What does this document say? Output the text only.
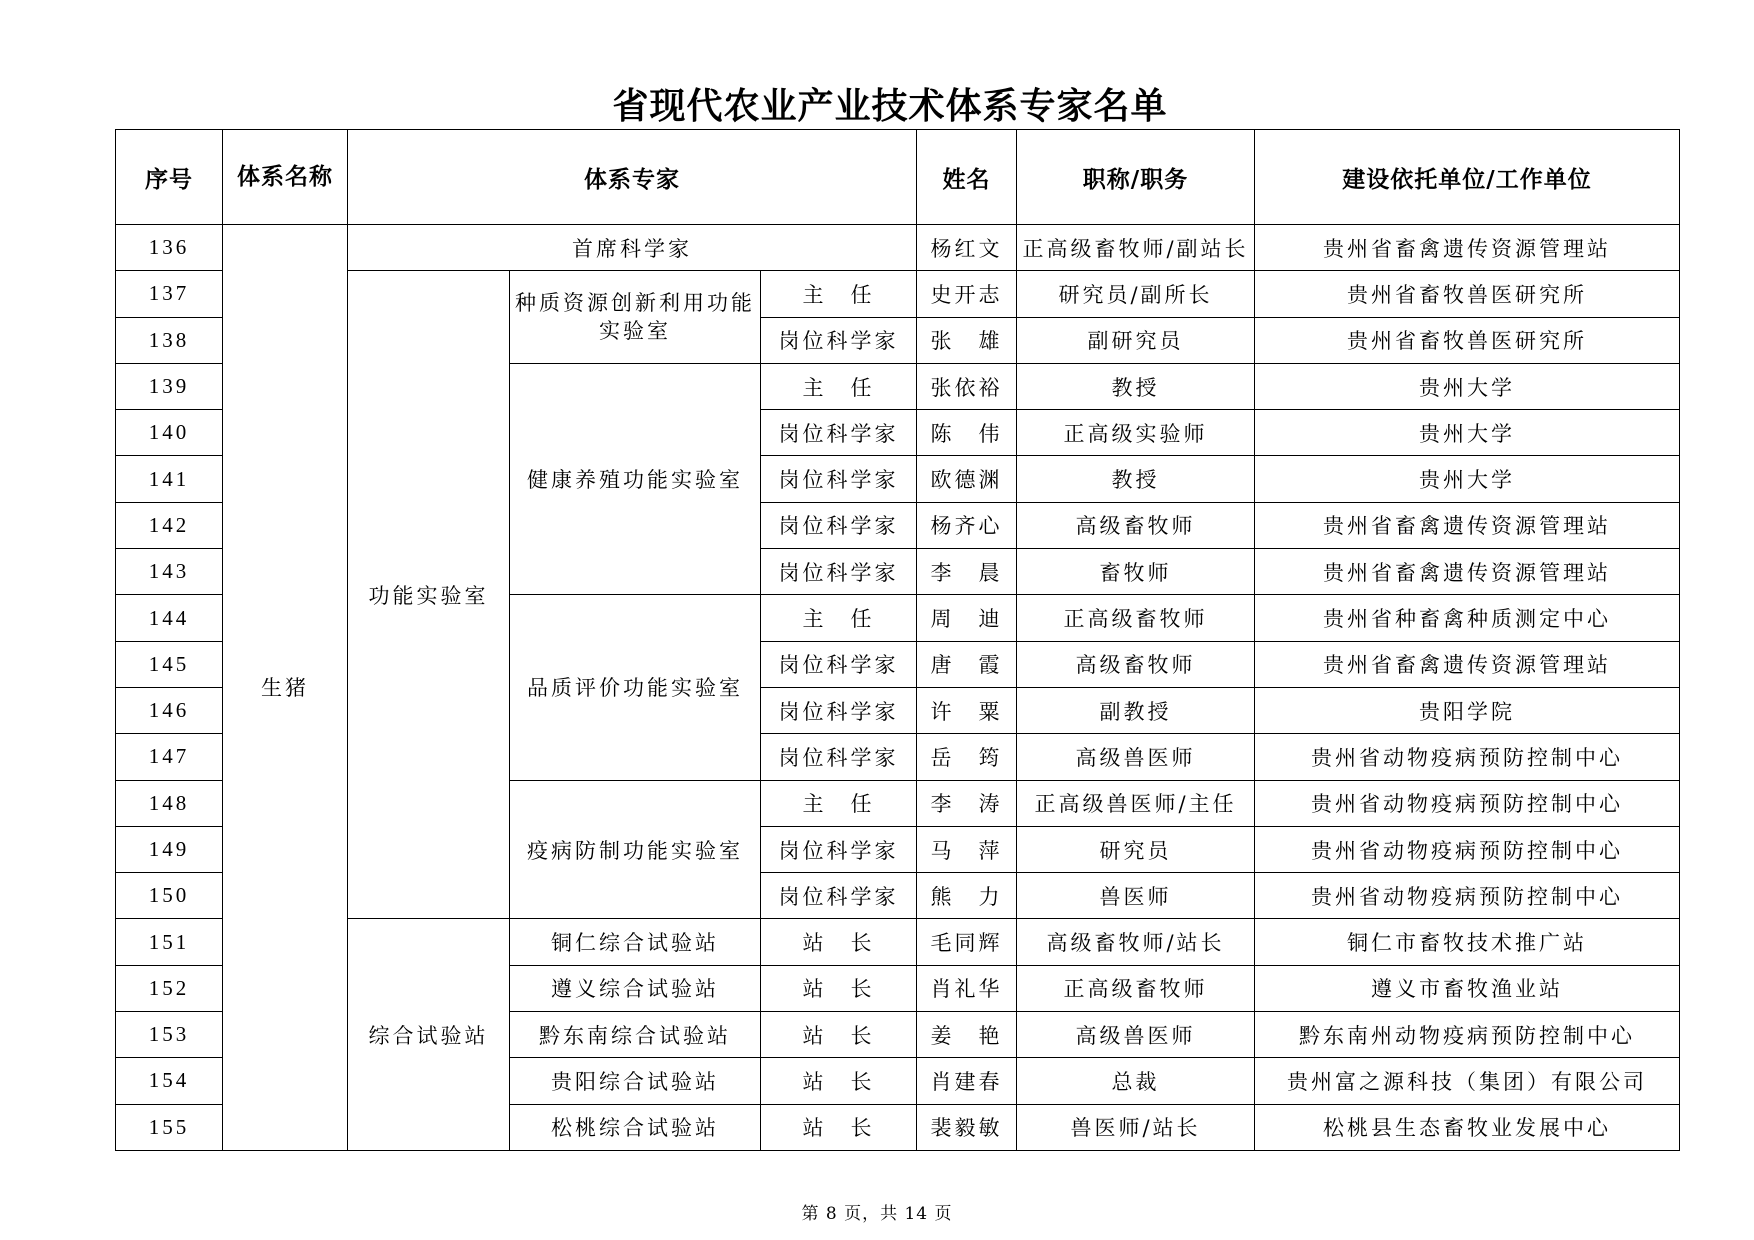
省现代农业产业技术体系专家名单
序号	体系名称	体系专家			姓名	职称/职务	建设依托单位/工作单位
136	生猪	首席科学家			杨红文	正高级畜牧师/副站长	贵州省畜禽遗传资源管理站
137		功能实验室	种质资源创新利用功能实验室	主　任	史开志	研究员/副所长	贵州省畜牧兽医研究所
138				岗位科学家	张　雄	副研究员	贵州省畜牧兽医研究所
139			健康养殖功能实验室	主　任	张依裕	教授	贵州大学
140				岗位科学家	陈　伟	正高级实验师	贵州大学
141				岗位科学家	欧德渊	教授	贵州大学
142				岗位科学家	杨齐心	高级畜牧师	贵州省畜禽遗传资源管理站
143				岗位科学家	李　晨	畜牧师	贵州省畜禽遗传资源管理站
144			品质评价功能实验室	主　任	周　迪	正高级畜牧师	贵州省种畜禽种质测定中心
145				岗位科学家	唐　霞	高级畜牧师	贵州省畜禽遗传资源管理站
146				岗位科学家	许　粟	副教授	贵阳学院
147				岗位科学家	岳　筠	高级兽医师	贵州省动物疫病预防控制中心
148			疫病防制功能实验室	主　任	李　涛	正高级兽医师/主任	贵州省动物疫病预防控制中心
149				岗位科学家	马　萍	研究员	贵州省动物疫病预防控制中心
150				岗位科学家	熊　力	兽医师	贵州省动物疫病预防控制中心
151		综合试验站	铜仁综合试验站	站　长	毛同辉	高级畜牧师/站长	铜仁市畜牧技术推广站
152			遵义综合试验站	站　长	肖礼华	正高级畜牧师	遵义市畜牧渔业站
153			黔东南综合试验站	站　长	姜　艳	高级兽医师	黔东南州动物疫病预防控制中心
154			贵阳综合试验站	站　长	肖建春	总裁	贵州富之源科技（集团）有限公司
155			松桃综合试验站	站　长	裴毅敏	兽医师/站长	松桃县生态畜牧业发展中心
第 8 页，共 14 页
